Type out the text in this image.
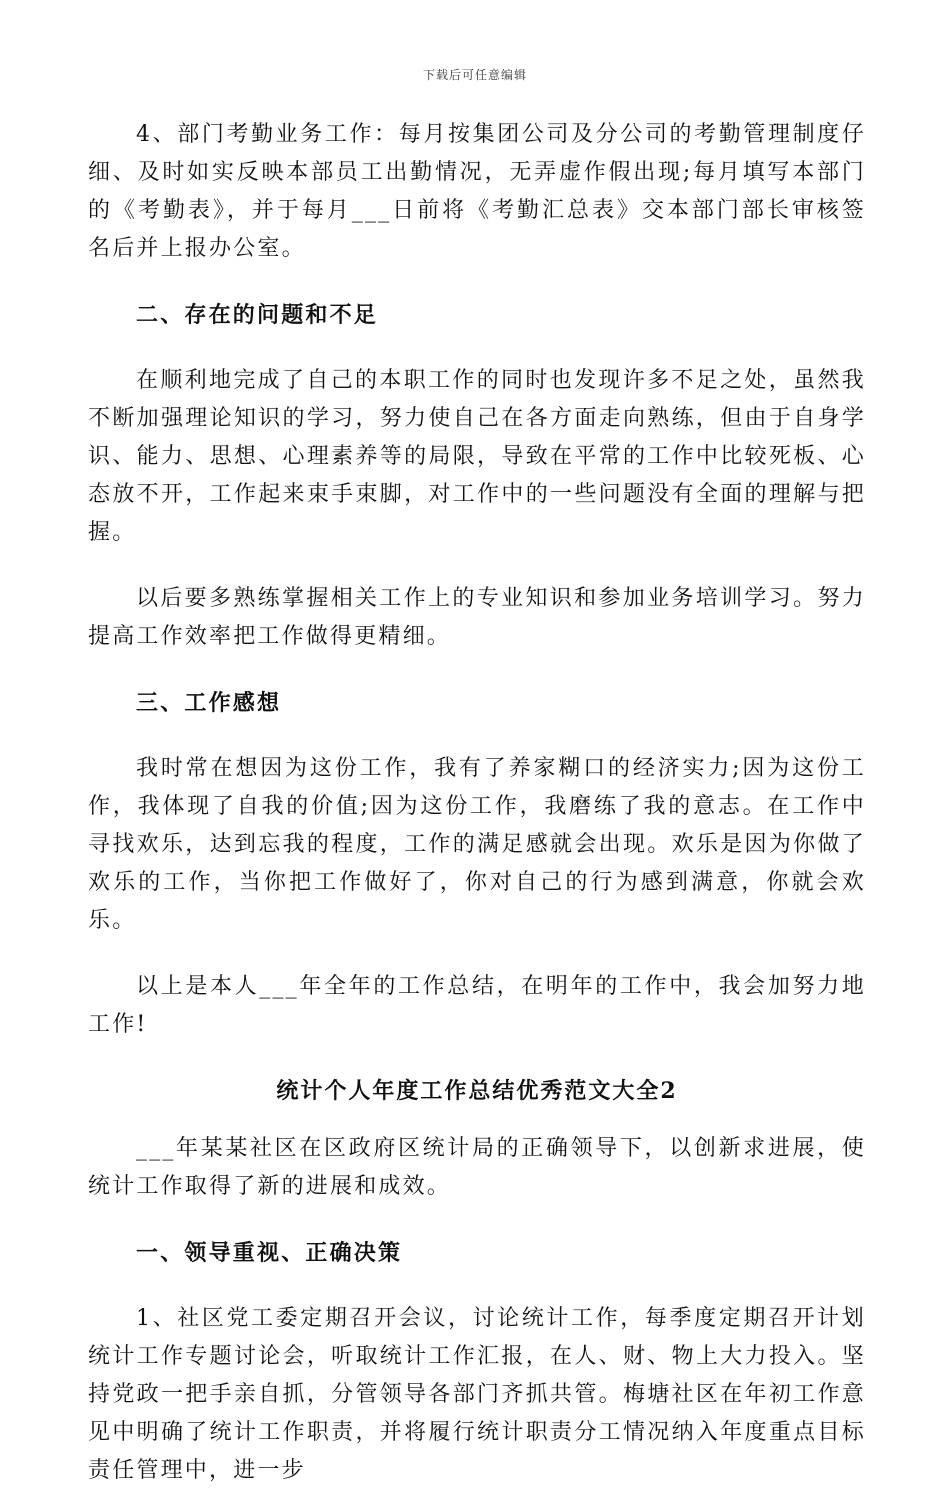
下载后可任意编辑

4、部门考勤业务工作：每月按集团公司及分公司的考勤管理制度仔细、及时如实反映本部员工出勤情况，无弄虚作假出现;每月填写本部门的《考勤表》，并于每月___日前将《考勤汇总表》交本部门部长审核签名后并上报办公室。

二、存在的问题和不足

在顺利地完成了自己的本职工作的同时也发现许多不足之处，虽然我不断加强理论知识的学习，努力使自己在各方面走向熟练，但由于自身学识、能力、思想、心理素养等的局限，导致在平常的工作中比较死板、心态放不开，工作起来束手束脚，对工作中的一些问题没有全面的理解与把握。

以后要多熟练掌握相关工作上的专业知识和参加业务培训学习。努力提高工作效率把工作做得更精细。

三、工作感想

我时常在想因为这份工作，我有了养家糊口的经济实力;因为这份工作，我体现了自我的价值;因为这份工作，我磨练了我的意志。在工作中寻找欢乐，达到忘我的程度，工作的满足感就会出现。欢乐是因为你做了欢乐的工作，当你把工作做好了，你对自己的行为感到满意，你就会欢乐。

以上是本人___年全年的工作总结，在明年的工作中，我会加努力地工作!

统计个人年度工作总结优秀范文大全2

___年某某社区在区政府区统计局的正确领导下，以创新求进展，使统计工作取得了新的进展和成效。

一、领导重视、正确决策

1、社区党工委定期召开会议，讨论统计工作，每季度定期召开计划统计工作专题讨论会，听取统计工作汇报，在人、财、物上大力投入。坚持党政一把手亲自抓，分管领导各部门齐抓共管。梅塘社区在年初工作意见中明确了统计工作职责，并将履行统计职责分工情况纳入年度重点目标责任管理中，进一步
